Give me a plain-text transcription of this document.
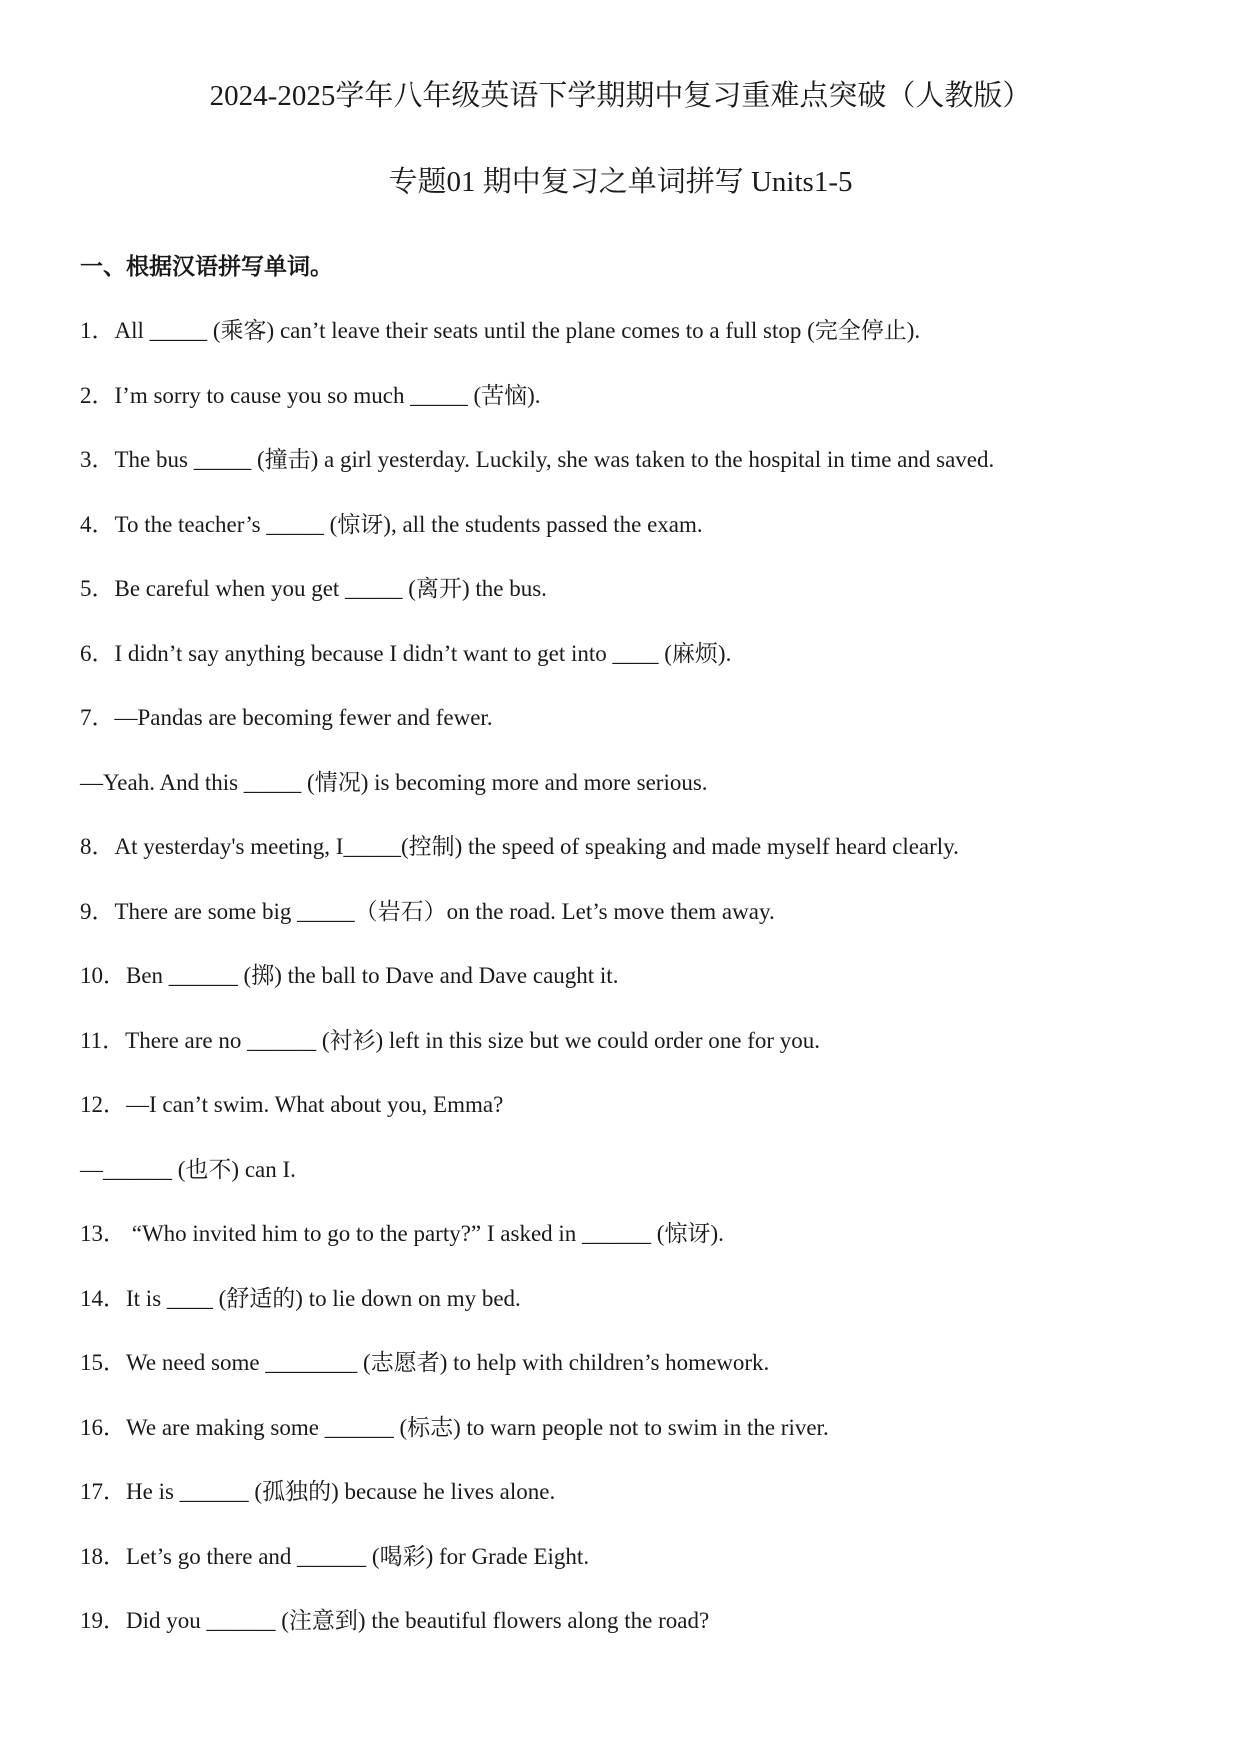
2024-2025学年八年级英语下学期期中复习重难点突破（人教版）
专题01 期中复习之单词拼写 Units1-5
一、根据汉语拼写单词。
1．All _____ (乘客) can’t leave their seats until the plane comes to a full stop (完全停止).
2．I’m sorry to cause you so much _____ (苦恼).
3．The bus _____ (撞击) a girl yesterday. Luckily, she was taken to the hospital in time and saved.
4．To the teacher’s _____ (惊讶), all the students passed the exam.
5．Be careful when you get _____ (离开) the bus.
6．I didn’t say anything because I didn’t want to get into ____ (麻烦).
7．—Pandas are becoming fewer and fewer.
—Yeah. And this _____ (情况) is becoming more and more serious.
8．At yesterday's meeting, I_____(控制) the speed of speaking and made myself heard clearly.
9．There are some big _____（岩石）on the road. Let’s move them away.
10．Ben ______ (掷) the ball to Dave and Dave caught it.
11．There are no ______ (衬衫) left in this size but we could order one for you.
12．—I can’t swim. What about you, Emma?
—______ (也不) can I.
13． “Who invited him to go to the party?” I asked in ______ (惊讶).
14．It is ____ (舒适的) to lie down on my bed.
15．We need some ________ (志愿者) to help with children’s homework.
16．We are making some ______ (标志) to warn people not to swim in the river.
17．He is ______ (孤独的) because he lives alone.
18．Let’s go there and ______ (喝彩) for Grade Eight.
19．Did you ______ (注意到) the beautiful flowers along the road?
